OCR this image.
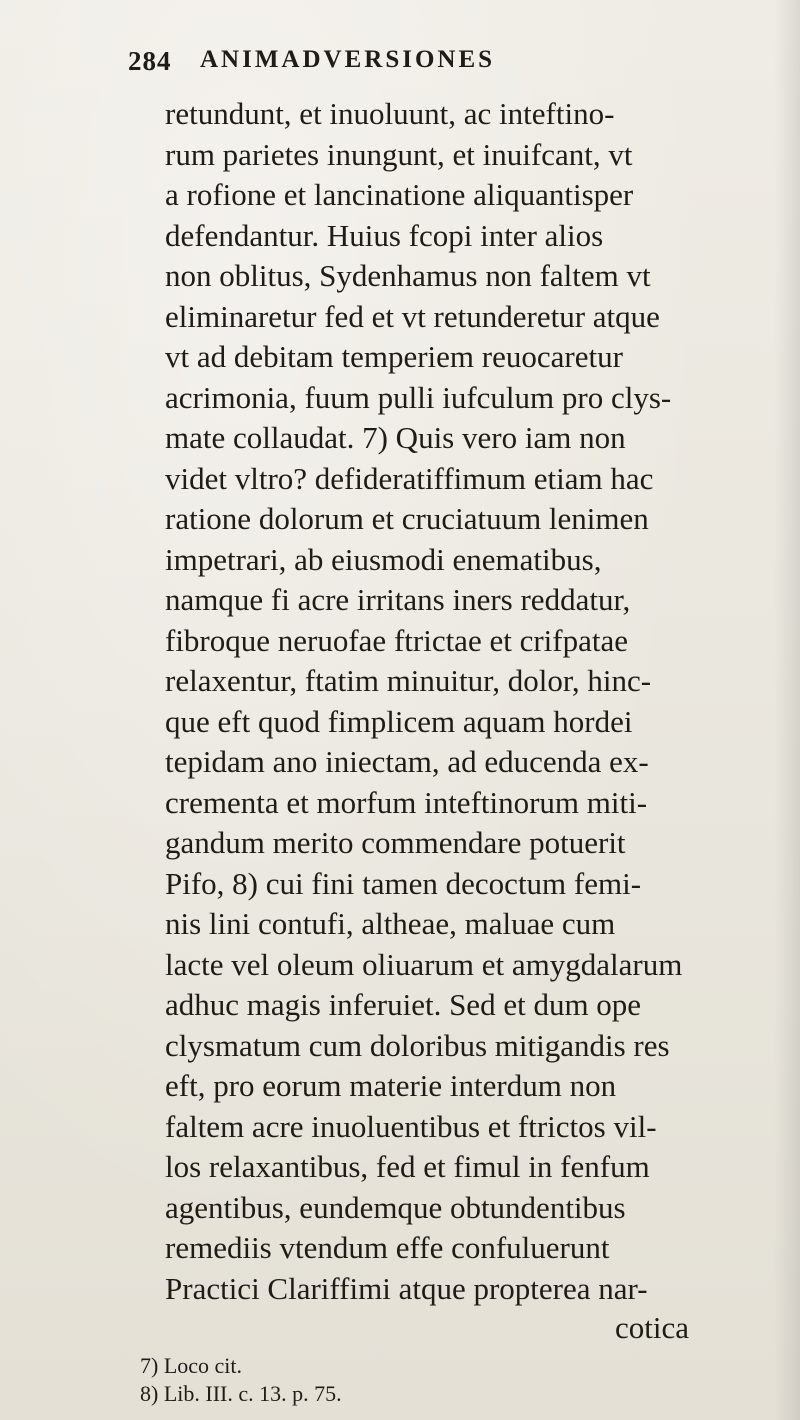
284 ANIMADVERSIONES
retundunt, et inuoluunt, ac inteftino-
rum parietes inungunt, et inuifcant, vt
a rofione et lancinatione aliquantisper
defendantur. Huius fcopi inter alios
non oblitus, Sydenhamus non faltem vt
eliminaretur fed et vt retunderetur atque
vt ad debitam temperiem reuocaretur
acrimonia, fuum pulli iufculum pro clys-
mate collaudat. 7) Quis vero iam non
videt vltro? defideratiffimum etiam hac
ratione dolorum et cruciatuum lenimen
impetrari, ab eiusmodi enematibus,
namque fi acre irritans iners reddatur,
fibroque neruofae ftrictae et crifpatae
relaxentur, ftatim minuitur, dolor, hinc-
que eft quod fimplicem aquam hordei
tepidam ano iniectam, ad educenda ex-
crementa et morfum inteftinorum miti-
gandum merito commendare potuerit
Pifo, 8) cui fini tamen decoctum femi-
nis lini contufi, altheae, maluae cum
lacte vel oleum oliuarum et amygdalarum
adhuc magis inferuiet. Sed et dum ope
clysmatum cum doloribus mitigandis res
eft, pro eorum materie interdum non
faltem acre inuoluentibus et ftrictos vil-
los relaxantibus, fed et fimul in fenfum
agentibus, eundemque obtundentibus
remediis vtendum effe confuluerunt
Practici Clariffimi atque propterea nar-
cotica
7) Loco cit.
8) Lib. III. c. 13. p. 75.
